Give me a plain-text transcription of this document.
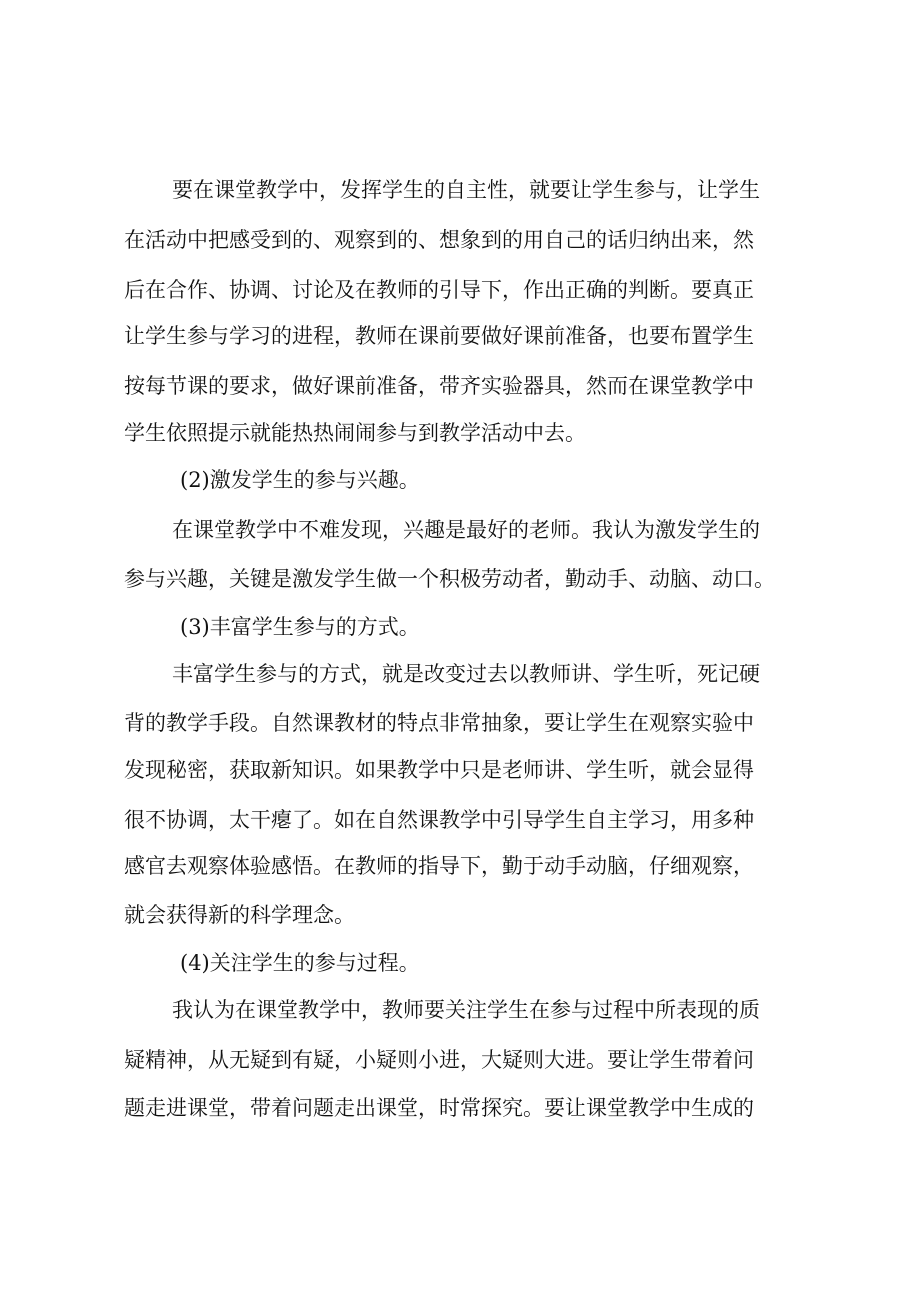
要在课堂教学中，发挥学生的自主性，就要让学生参与，让学生

在活动中把感受到的、观察到的、想象到的用自己的话归纳出来，然

后在合作、协调、讨论及在教师的引导下，作出正确的判断。要真正

让学生参与学习的进程，教师在课前要做好课前准备，也要布置学生

按每节课的要求，做好课前准备，带齐实验器具，然而在课堂教学中

学生依照提示就能热热闹闹参与到教学活动中去。

(2)激发学生的参与兴趣。

在课堂教学中不难发现，兴趣是最好的老师。我认为激发学生的

参与兴趣，关键是激发学生做一个积极劳动者，勤动手、动脑、动口。

(3)丰富学生参与的方式。

丰富学生参与的方式，就是改变过去以教师讲、学生听，死记硬

背的教学手段。自然课教材的特点非常抽象，要让学生在观察实验中

发现秘密，获取新知识。如果教学中只是老师讲、学生听，就会显得

很不协调，太干瘪了。如在自然课教学中引导学生自主学习，用多种

感官去观察体验感悟。在教师的指导下，勤于动手动脑，仔细观察，

就会获得新的科学理念。

(4)关注学生的参与过程。

我认为在课堂教学中，教师要关注学生在参与过程中所表现的质

疑精神，从无疑到有疑，小疑则小进，大疑则大进。要让学生带着问

题走进课堂，带着问题走出课堂，时常探究。要让课堂教学中生成的
